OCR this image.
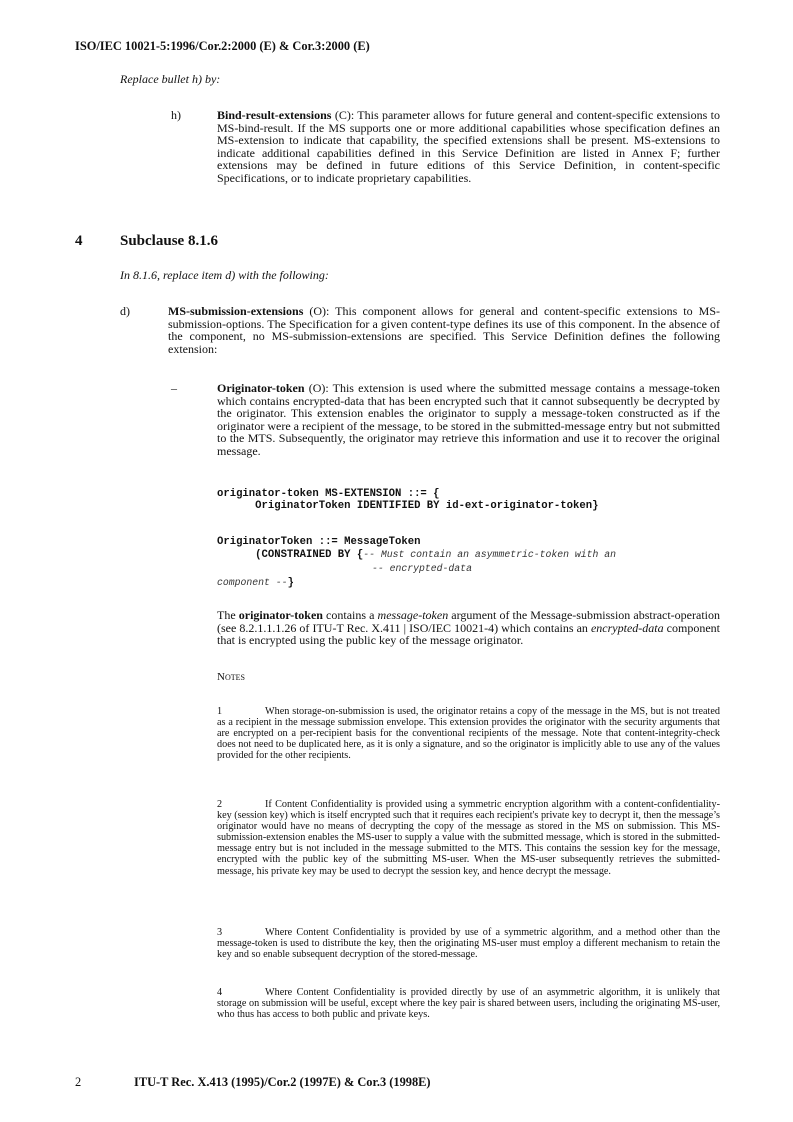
ISO/IEC 10021-5:1996/Cor.2:2000 (E) & Cor.3:2000 (E)
Replace bullet h) by:
h)	Bind-result-extensions (C): This parameter allows for future general and content-specific extensions to MS-bind-result. If the MS supports one or more additional capabilities whose specification defines an MS-extension to indicate that capability, the specified extensions shall be present. MS-extensions to indicate additional capabilities defined in this Service Definition are listed in Annex F; further extensions may be defined in future editions of this Service Definition, in content-specific Specifications, or to indicate proprietary capabilities.
4	Subclause 8.1.6
In 8.1.6, replace item d) with the following:
d)	MS-submission-extensions (O): This component allows for general and content-specific extensions to MS-submission-options. The Specification for a given content-type defines its use of this component. In the absence of the component, no MS-submission-extensions are specified. This Service Definition defines the following extension:
–	Originator-token (O): This extension is used where the submitted message contains a message-token which contains encrypted-data that has been encrypted such that it cannot subsequently be decrypted by the originator. This extension enables the originator to supply a message-token constructed as if the originator were a recipient of the message, to be stored in the submitted-message entry but not submitted to the MTS. Subsequently, the originator may retrieve this information and use it to recover the original message.
originator-token MS-EXTENSION ::= {
OriginatorToken IDENTIFIED BY id-ext-originator-token}
OriginatorToken ::= MessageToken
(CONSTRAINED BY {-- Must contain an asymmetric-token with an
-- encrypted-data
component --}
The originator-token contains a message-token argument of the Message-submission abstract-operation (see 8.2.1.1.1.26 of ITU-T Rec. X.411 | ISO/IEC 10021-4) which contains an encrypted-data component that is encrypted using the public key of the message originator.
Notes
1	When storage-on-submission is used, the originator retains a copy of the message in the MS, but is not treated as a recipient in the message submission envelope. This extension provides the originator with the security arguments that are encrypted on a per-recipient basis for the conventional recipients of the message. Note that content-integrity-check does not need to be duplicated here, as it is only a signature, and so the originator is implicitly able to use any of the values provided for the other recipients.
2	If Content Confidentiality is provided using a symmetric encryption algorithm with a content-confidentiality-key (session key) which is itself encrypted such that it requires each recipient's private key to decrypt it, then the message’s originator would have no means of decrypting the copy of the message as stored in the MS on submission. This MS-submission-extension enables the MS-user to supply a value with the submitted message, which is stored in the submitted-message entry but is not included in the message submitted to the MTS. This contains the session key for the message, encrypted with the public key of the submitting MS-user. When the MS-user subsequently retrieves the submitted-message, his private key may be used to decrypt the session key, and hence decrypt the message.
3	Where Content Confidentiality is provided by use of a symmetric algorithm, and a method other than the message-token is used to distribute the key, then the originating MS-user must employ a different mechanism to retain the key and so enable subsequent decryption of the stored-message.
4	Where Content Confidentiality is provided directly by use of an asymmetric algorithm, it is unlikely that storage on submission will be useful, except where the key pair is shared between users, including the originating MS-user, who thus has access to both public and private keys.
2	ITU-T Rec. X.413 (1995)/Cor.2 (1997E) & Cor.3 (1998E)
